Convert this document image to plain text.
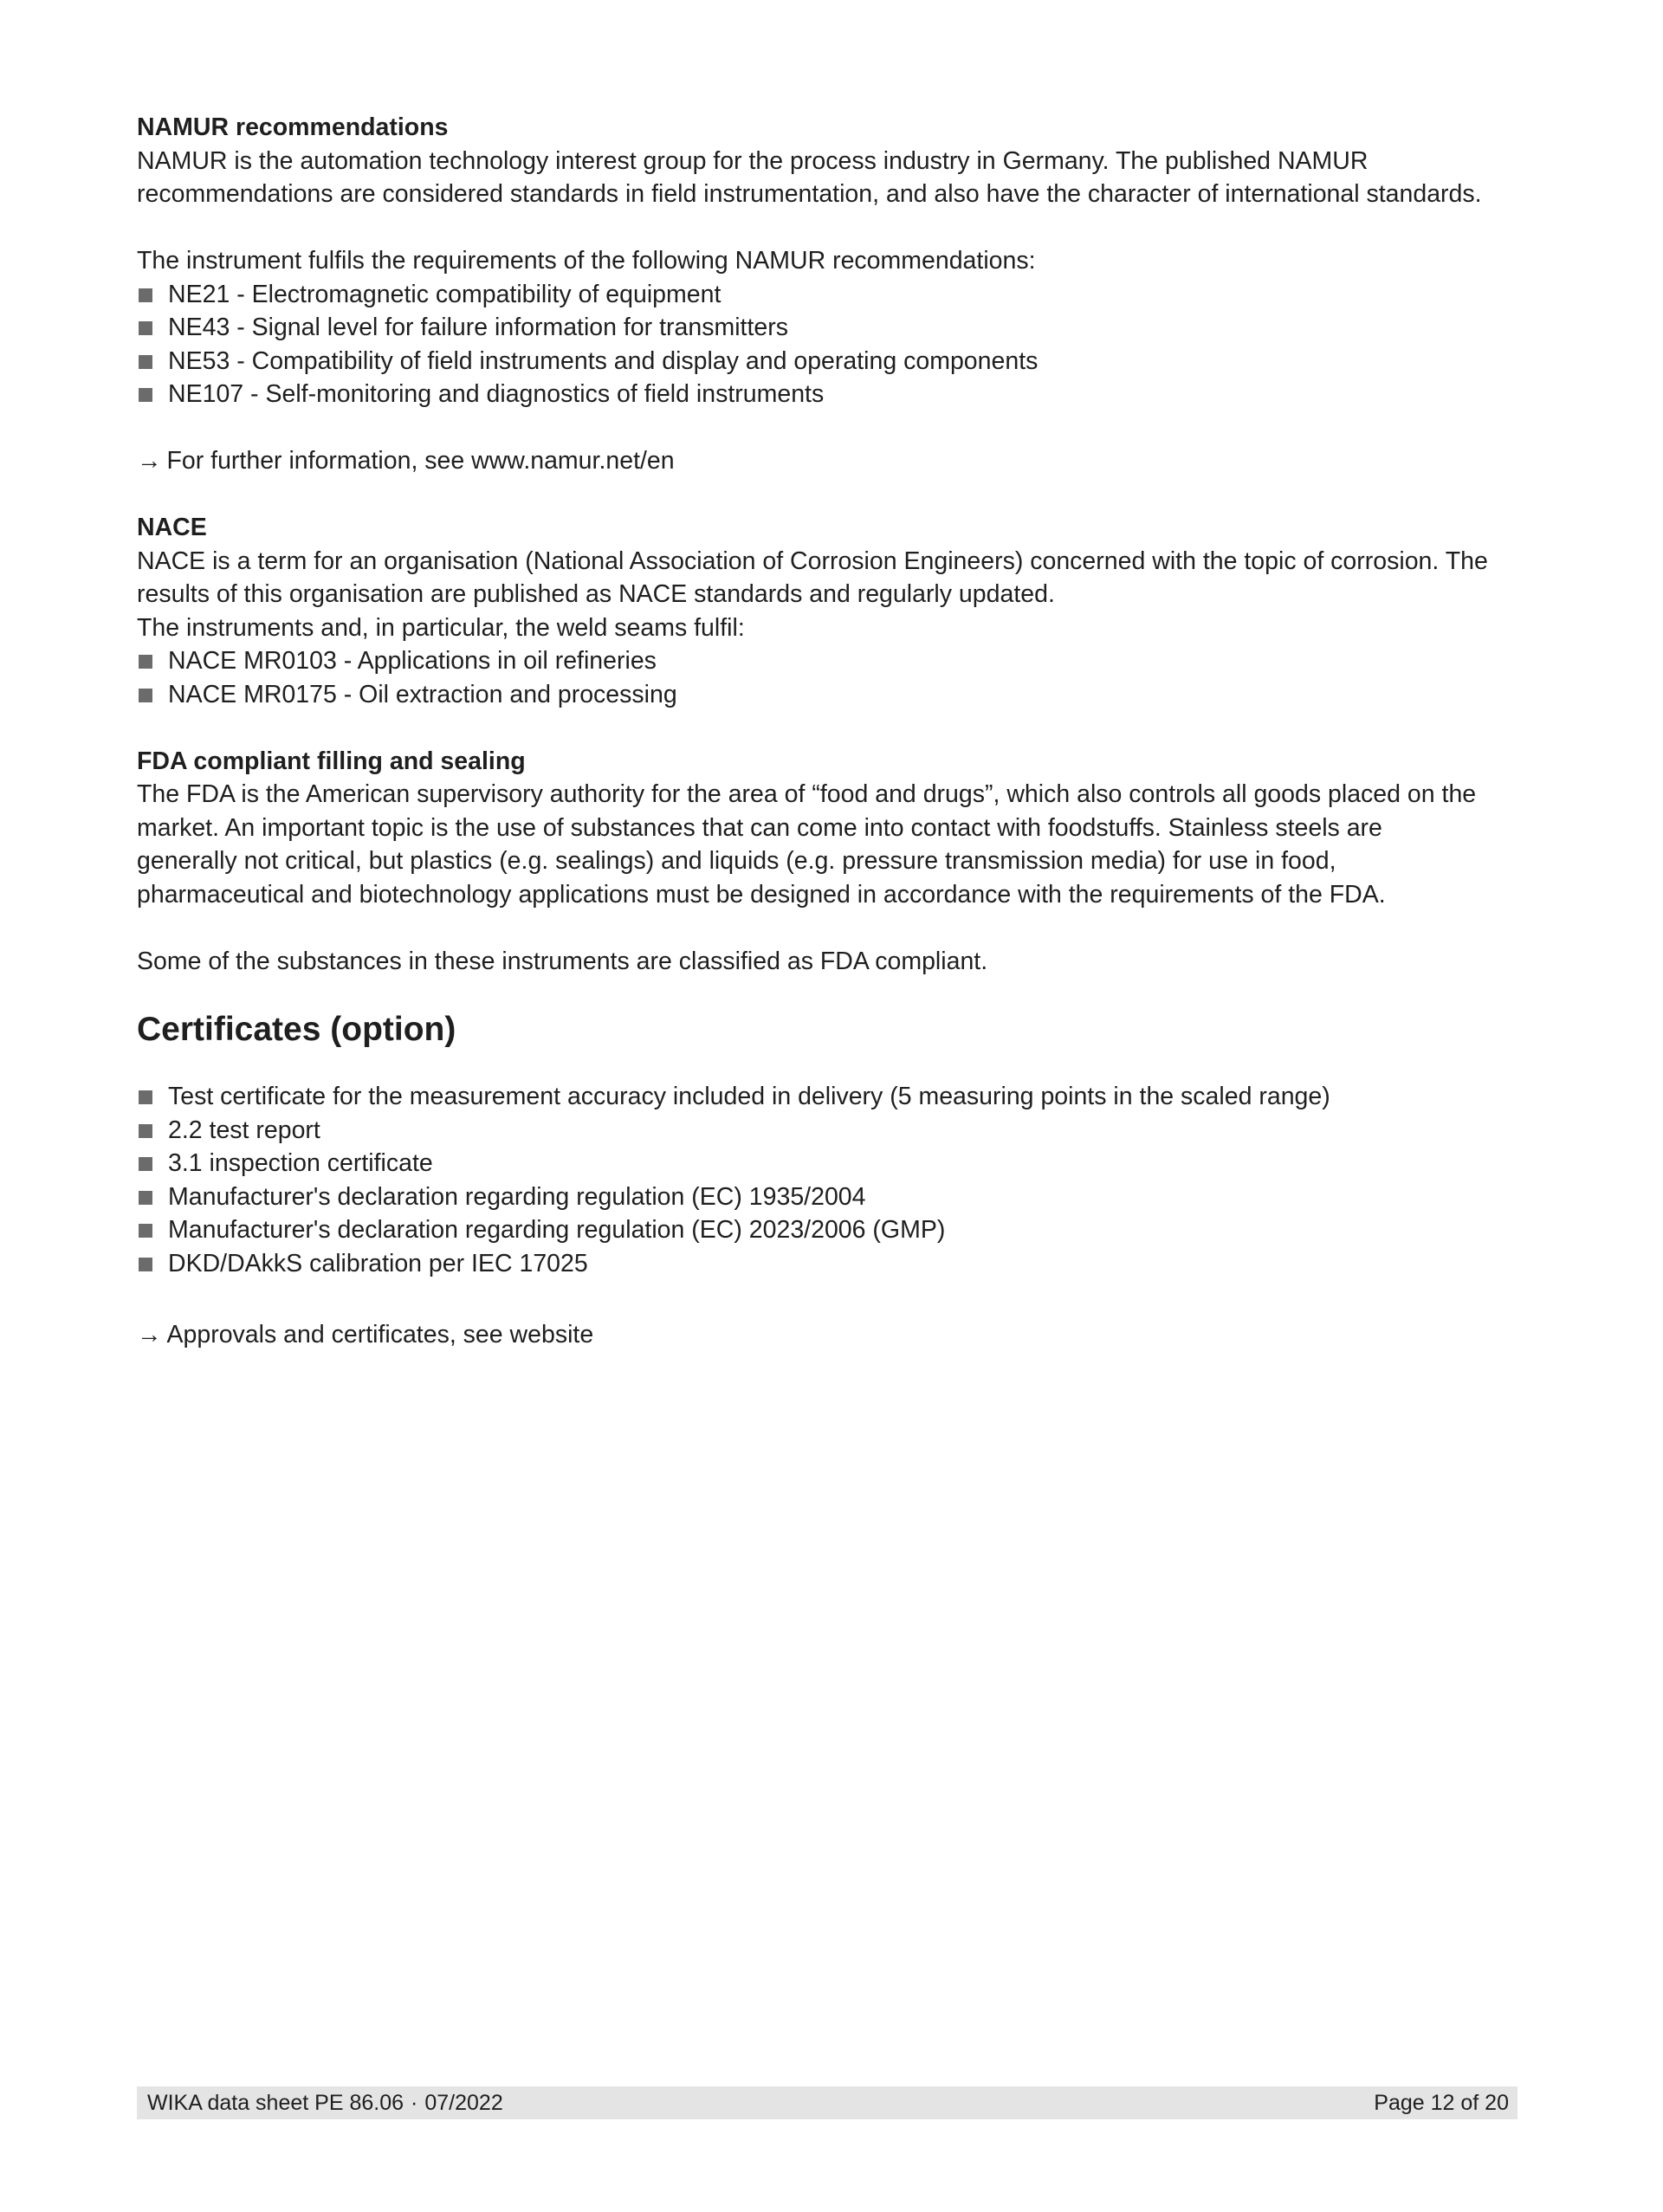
NAMUR recommendations

NAMUR is the automation technology interest group for the process industry in Germany. The published NAMUR recommendations are considered standards in field instrumentation, and also have the character of international standards.

The instrument fulfils the requirements of the following NAMUR recommendations:

NE21 - Electromagnetic compatibility of equipment
NE43 - Signal level for failure information for transmitters
NE53 - Compatibility of field instruments and display and operating components
NE107 - Self-monitoring and diagnostics of field instruments

→ For further information, see www.namur.net/en

NACE

NACE is a term for an organisation (National Association of Corrosion Engineers) concerned with the topic of corrosion. The results of this organisation are published as NACE standards and regularly updated.

The instruments and, in particular, the weld seams fulfil:

NACE MR0103 - Applications in oil refineries
NACE MR0175 - Oil extraction and processing

FDA compliant filling and sealing

The FDA is the American supervisory authority for the area of “food and drugs”, which also controls all goods placed on the market. An important topic is the use of substances that can come into contact with foodstuffs. Stainless steels are generally not critical, but plastics (e.g. sealings) and liquids (e.g. pressure transmission media) for use in food, pharmaceutical and biotechnology applications must be designed in accordance with the requirements of the FDA.

Some of the substances in these instruments are classified as FDA compliant.

Certificates (option)
Test certificate for the measurement accuracy included in delivery (5 measuring points in the scaled range)
2.2 test report
3.1 inspection certificate
Manufacturer's declaration regarding regulation (EC) 1935/2004
Manufacturer's declaration regarding regulation (EC) 2023/2006 (GMP)
DKD/DAkkS calibration per IEC 17025

→ Approvals and certificates, see website

WIKA data sheet PE 86.06 · 07/2022	Page 12 of 20
